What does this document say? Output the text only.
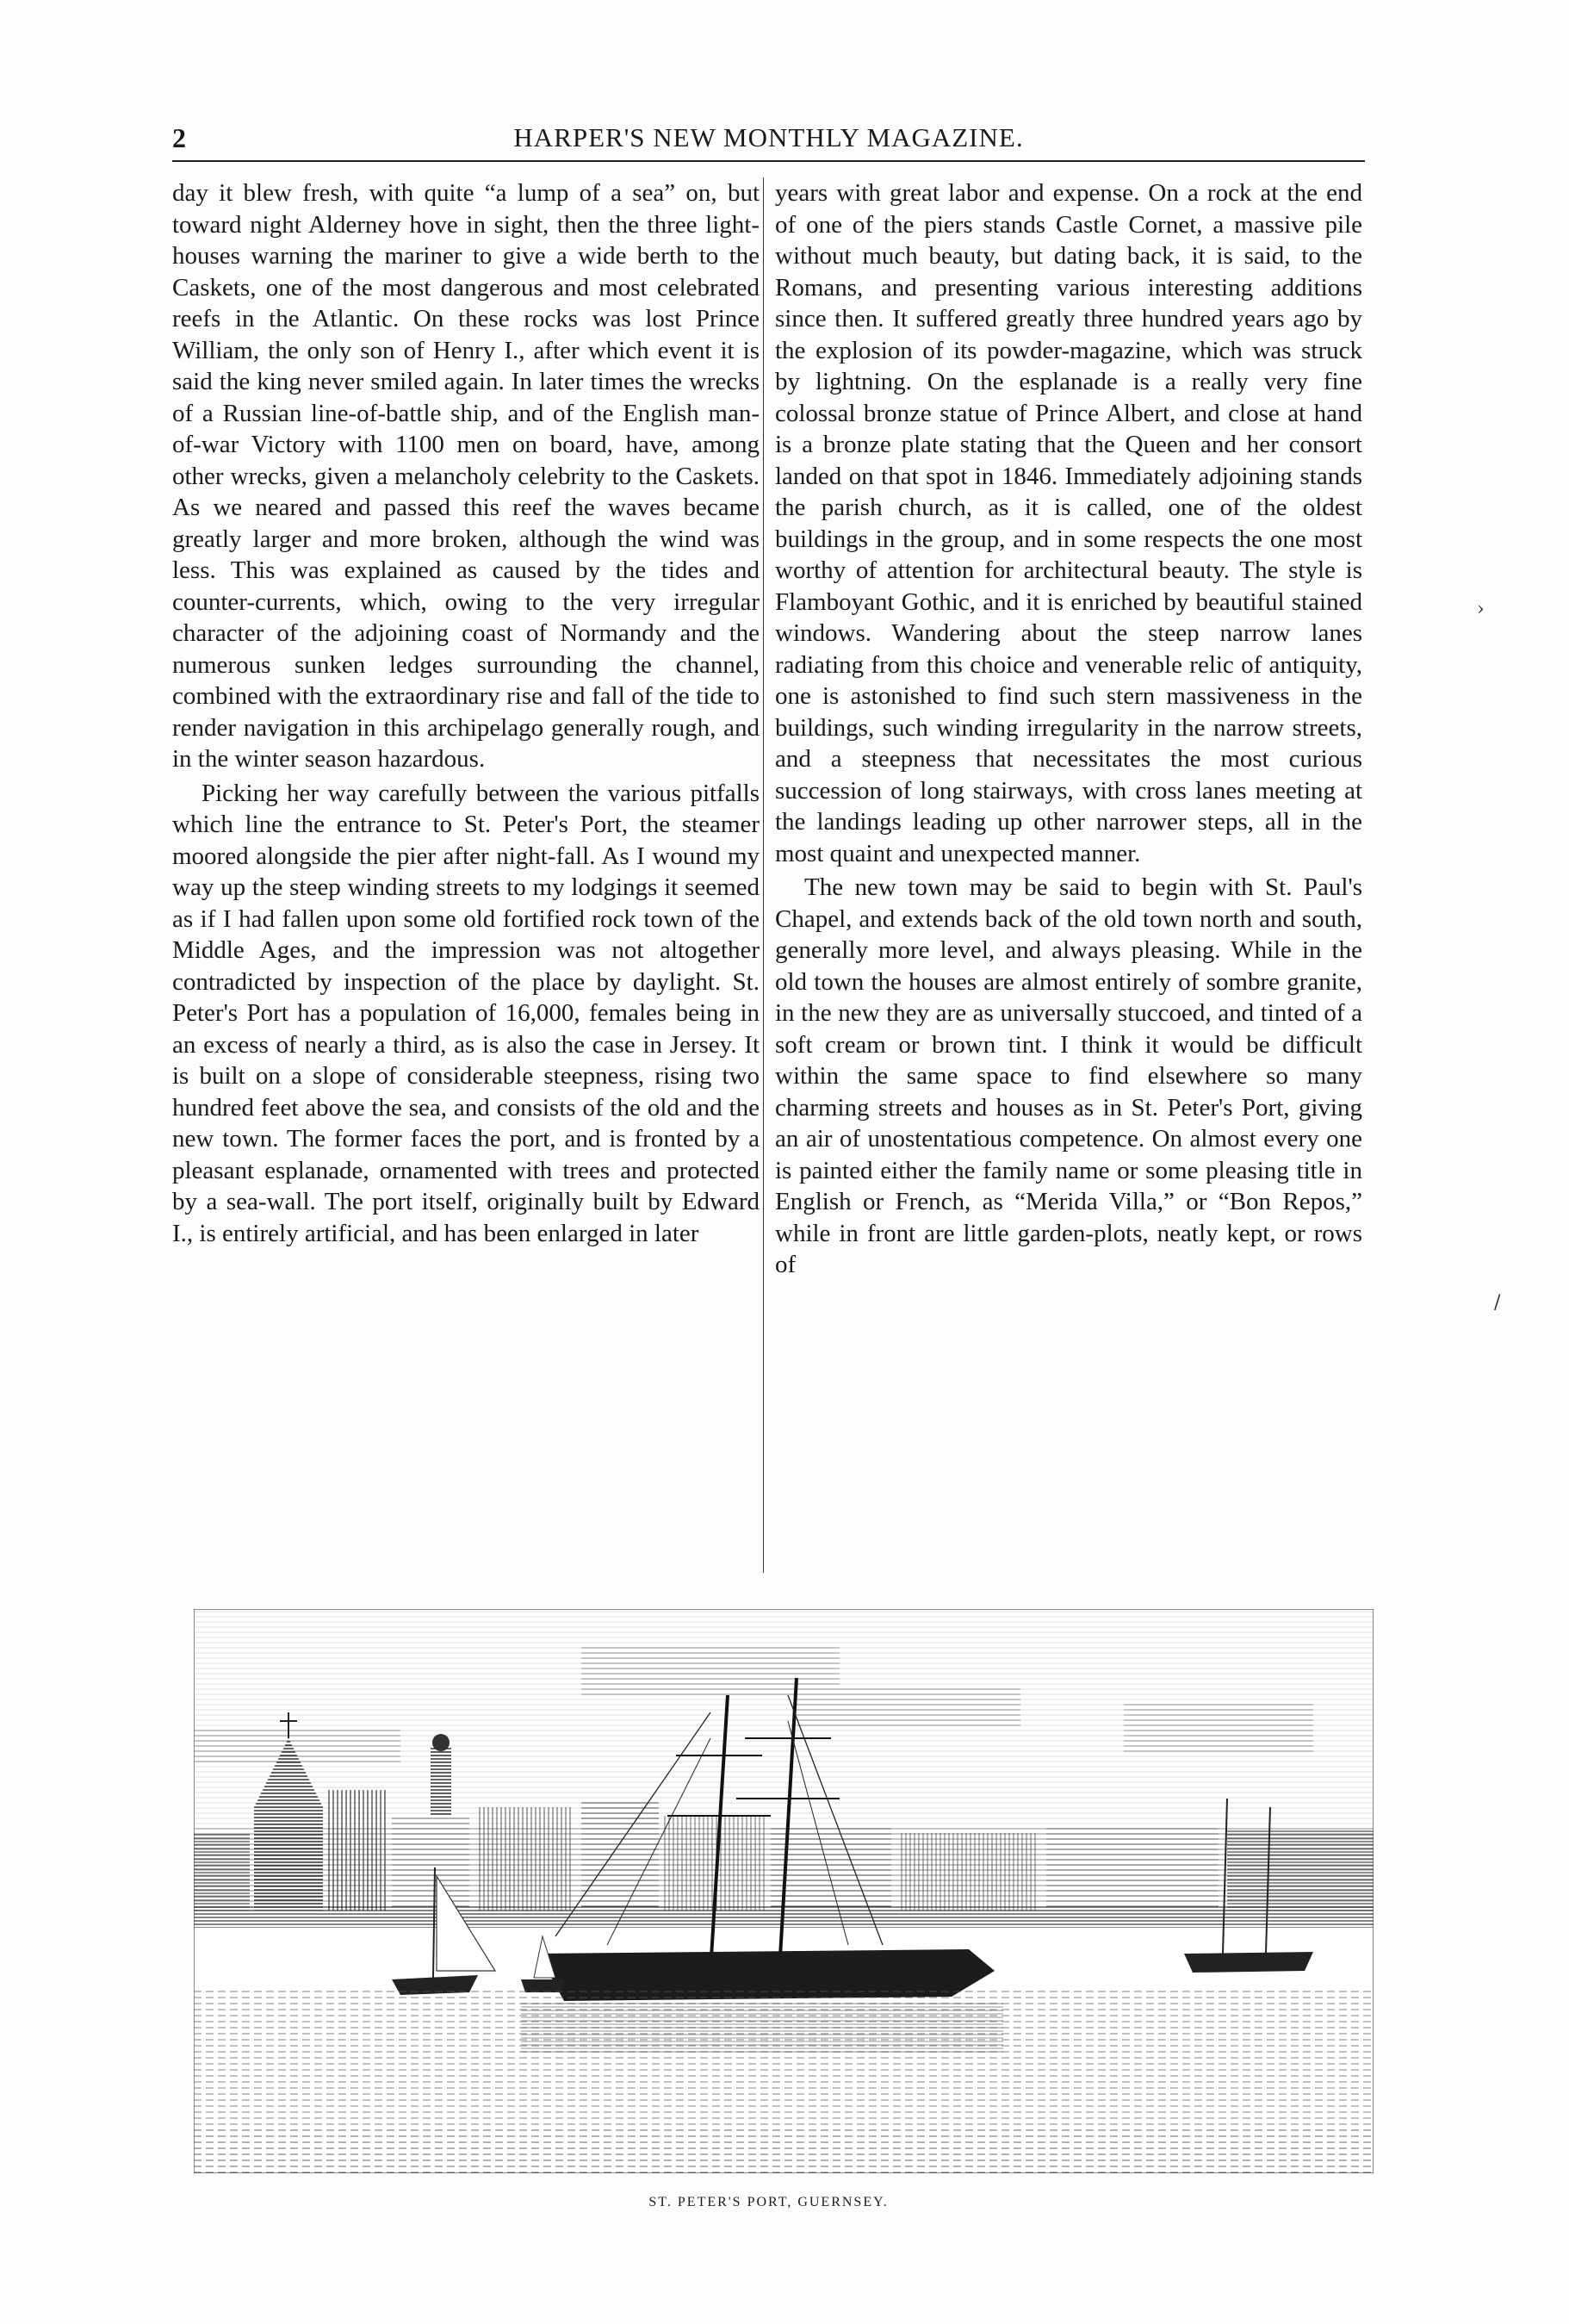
2	HARPER'S NEW MONTHLY MAGAZINE.

day it blew fresh, with quite “a lump of a sea” on, but toward night Alderney hove in sight, then the three light-houses warning the mariner to give a wide berth to the Caskets, one of the most dangerous and most celebrated reefs in the Atlantic. On these rocks was lost Prince William, the only son of Henry I., after which event it is said the king never smiled again. In later times the wrecks of a Russian line-of-battle ship, and of the English man-of-war Victory with 1100 men on board, have, among other wrecks, given a melancholy celebrity to the Caskets. As we neared and passed this reef the waves became greatly larger and more broken, although the wind was less. This was explained as caused by the tides and counter-currents, which, owing to the very irregular character of the adjoining coast of Normandy and the numerous sunken ledges surrounding the channel, combined with the extraordinary rise and fall of the tide to render navigation in this archipelago generally rough, and in the winter season hazardous.

Picking her way carefully between the various pitfalls which line the entrance to St. Peter's Port, the steamer moored alongside the pier after night-fall. As I wound my way up the steep winding streets to my lodgings it seemed as if I had fallen upon some old fortified rock town of the Middle Ages, and the impression was not altogether contradicted by inspection of the place by daylight. St. Peter's Port has a population of 16,000, females being in an excess of nearly a third, as is also the case in Jersey. It is built on a slope of considerable steepness, rising two hundred feet above the sea, and consists of the old and the new town. The former faces the port, and is fronted by a pleasant esplanade, ornamented with trees and protected by a sea-wall. The port itself, originally built by Edward I., is entirely artificial, and has been enlarged in later

years with great labor and expense. On a rock at the end of one of the piers stands Castle Cornet, a massive pile without much beauty, but dating back, it is said, to the Romans, and presenting various interesting additions since then. It suffered greatly three hundred years ago by the explosion of its powder-magazine, which was struck by lightning. On the esplanade is a really very fine colossal bronze statue of Prince Albert, and close at hand is a bronze plate stating that the Queen and her consort landed on that spot in 1846. Immediately adjoining stands the parish church, as it is called, one of the oldest buildings in the group, and in some respects the one most worthy of attention for architectural beauty. The style is Flamboyant Gothic, and it is enriched by beautiful stained windows. Wandering about the steep narrow lanes radiating from this choice and venerable relic of antiquity, one is astonished to find such stern massiveness in the buildings, such winding irregularity in the narrow streets, and a steepness that necessitates the most curious succession of long stairways, with cross lanes meeting at the landings leading up other narrower steps, all in the most quaint and unexpected manner.

The new town may be said to begin with St. Paul's Chapel, and extends back of the old town north and south, generally more level, and always pleasing. While in the old town the houses are almost entirely of sombre granite, in the new they are as universally stuccoed, and tinted of a soft cream or brown tint. I think it would be difficult within the same space to find elsewhere so many charming streets and houses as in St. Peter's Port, giving an air of unostentatious competence. On almost every one is painted either the family name or some pleasing title in English or French, as “Merida Villa,” or “Bon Repos,” while in front are little garden-plots, neatly kept, or rows of

ST. PETER'S PORT, GUERNSEY.
›
/
